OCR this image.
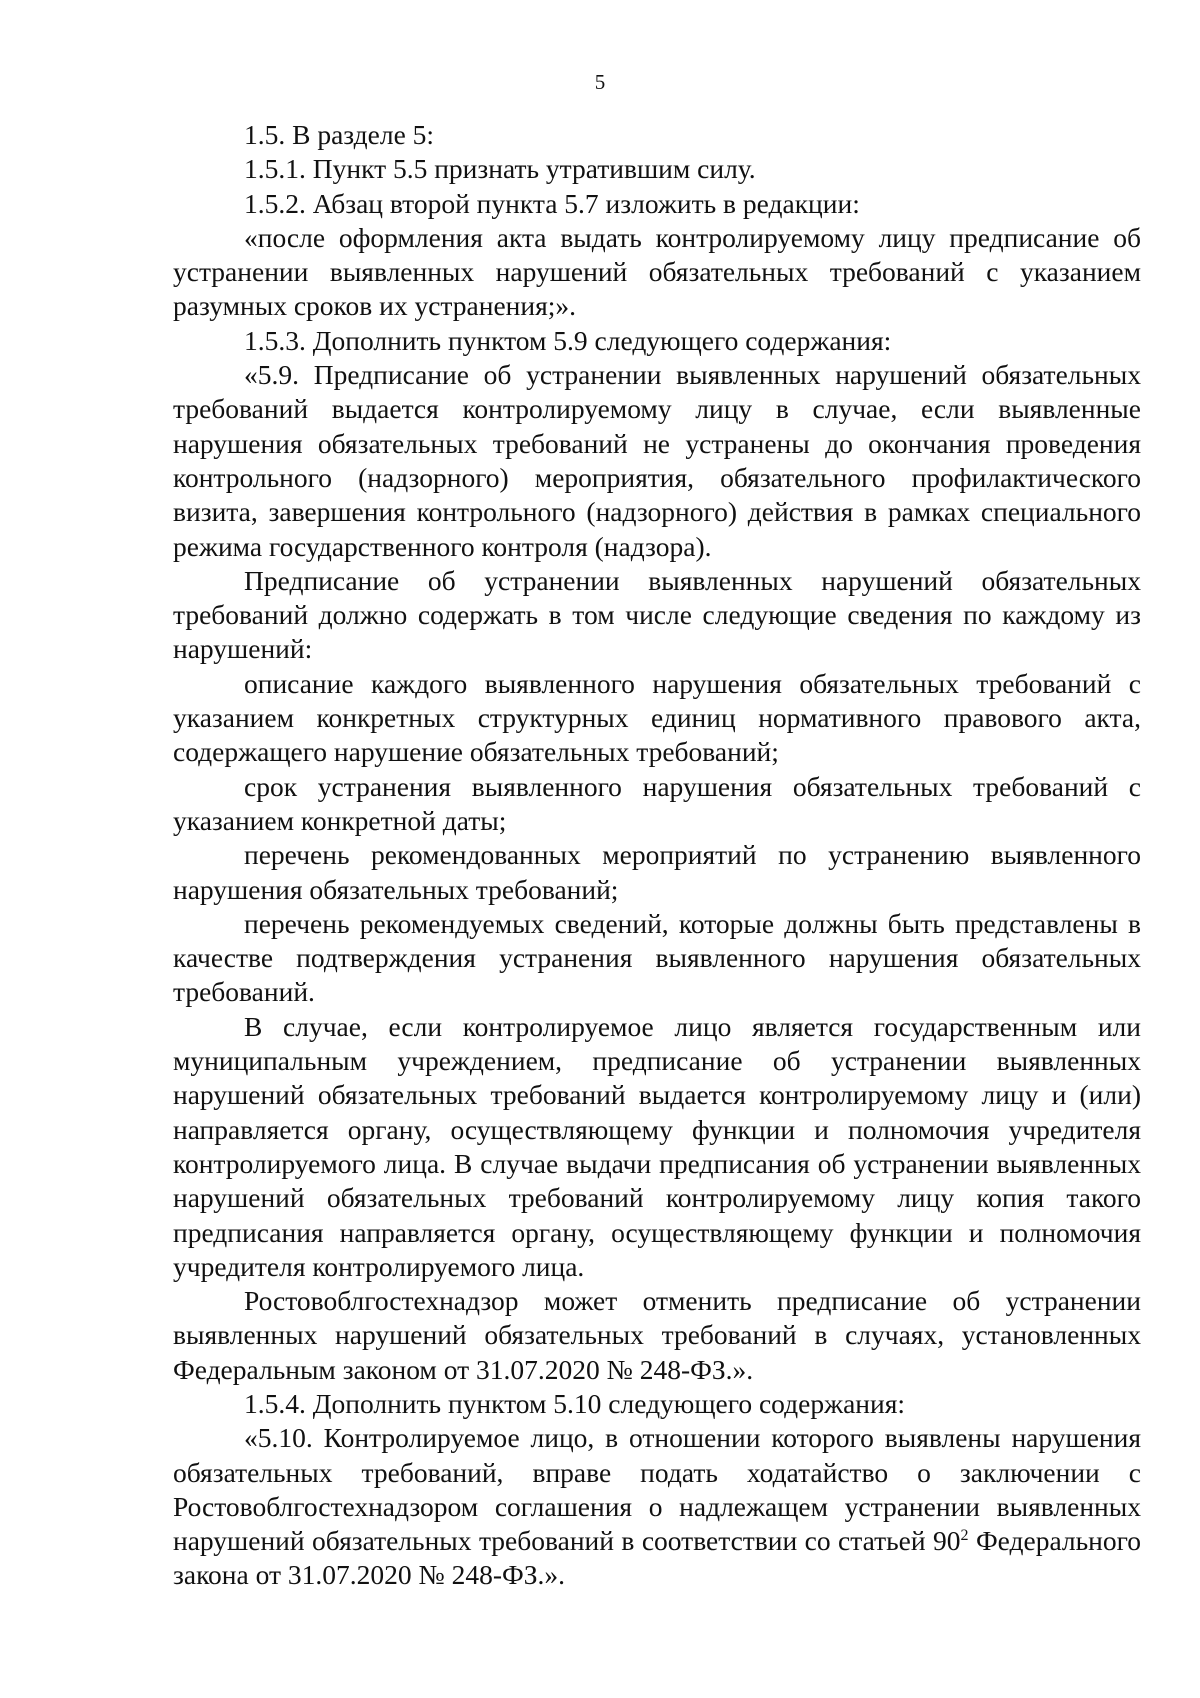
5

1.5. В разделе 5:

1.5.1. Пункт 5.5 признать утратившим силу.

1.5.2. Абзац второй пункта 5.7 изложить в редакции:

«после оформления акта выдать контролируемому лицу предписание об устранении выявленных нарушений обязательных требований с указанием разумных сроков их устранения;».

1.5.3. Дополнить пунктом 5.9 следующего содержания:

«5.9. Предписание об устранении выявленных нарушений обязательных требований выдается контролируемому лицу в случае, если выявленные нарушения обязательных требований не устранены до окончания проведения контрольного (надзорного) мероприятия, обязательного профилактического визита, завершения контрольного (надзорного) действия в рамках специального режима государственного контроля (надзора).

Предписание об устранении выявленных нарушений обязательных требований должно содержать в том числе следующие сведения по каждому из нарушений:

описание каждого выявленного нарушения обязательных требований с указанием конкретных структурных единиц нормативного правового акта, содержащего нарушение обязательных требований;

срок устранения выявленного нарушения обязательных требований с указанием конкретной даты;

перечень рекомендованных мероприятий по устранению выявленного нарушения обязательных требований;

перечень рекомендуемых сведений, которые должны быть представлены в качестве подтверждения устранения выявленного нарушения обязательных требований.

В случае, если контролируемое лицо является государственным или муниципальным учреждением, предписание об устранении выявленных нарушений обязательных требований выдается контролируемому лицу и (или) направляется органу, осуществляющему функции и полномочия учредителя контролируемого лица. В случае выдачи предписания об устранении выявленных нарушений обязательных требований контролируемому лицу копия такого предписания направляется органу, осуществляющему функции и полномочия учредителя контролируемого лица.

Ростовоблгостехнадзор может отменить предписание об устранении выявленных нарушений обязательных требований в случаях, установленных Федеральным законом от 31.07.2020 № 248-ФЗ.».

1.5.4. Дополнить пунктом 5.10 следующего содержания:

«5.10. Контролируемое лицо, в отношении которого выявлены нарушения обязательных требований, вправе подать ходатайство о заключении с Ростовоблгостехнадзором соглашения о надлежащем устранении выявленных нарушений обязательных требований в соответствии со статьей $90^2$ Федерального закона от 31.07.2020 № 248-ФЗ.».
